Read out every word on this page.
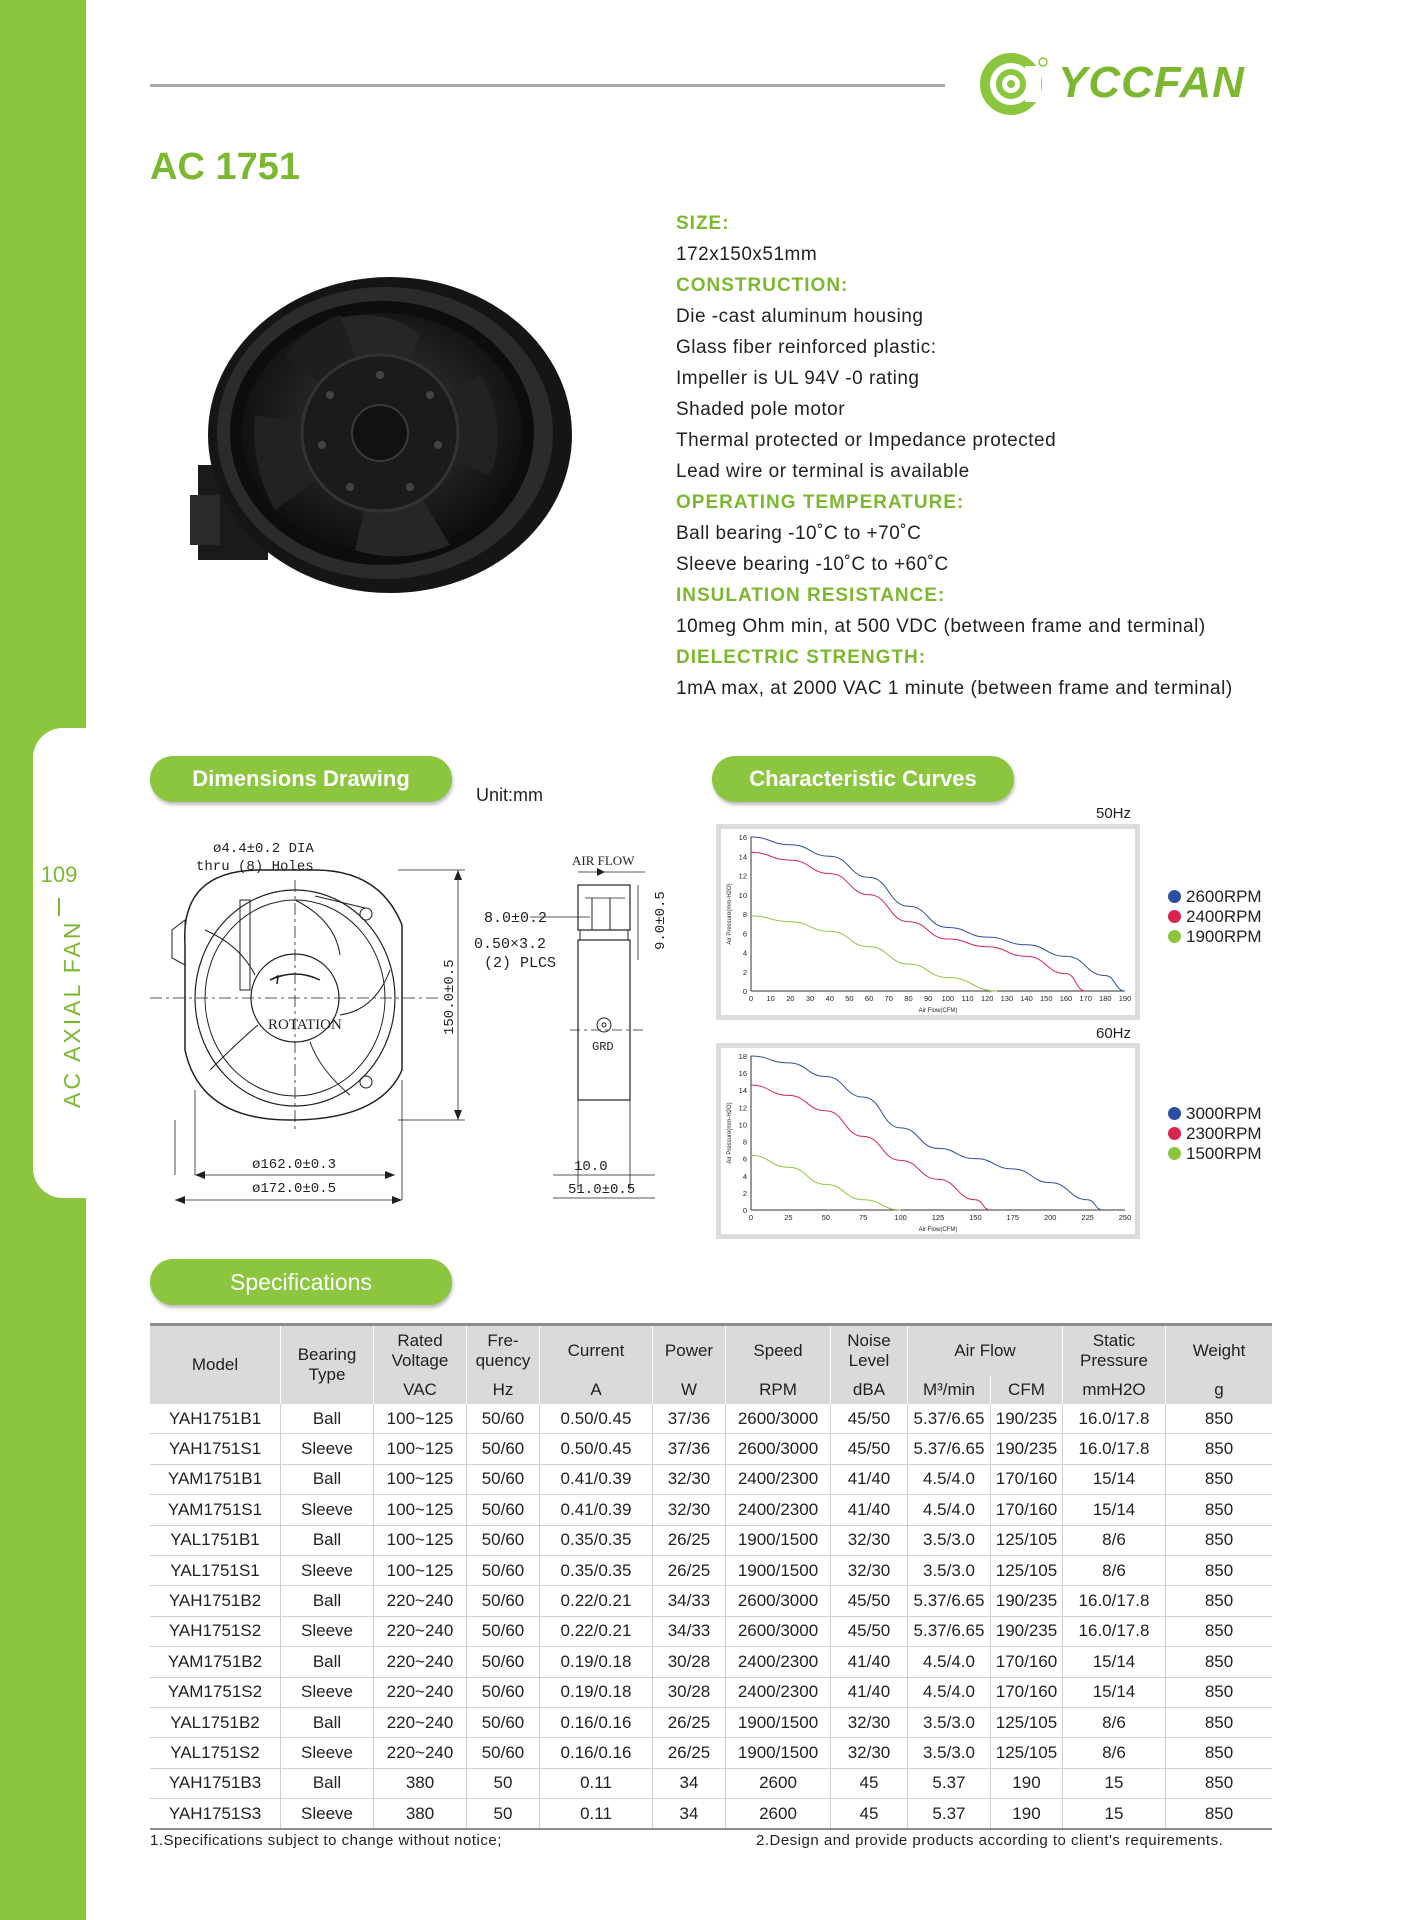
109
AC AXIAL FAN
YCCFAN
AC 1751
SIZE:
172x150x51mm
CONSTRUCTION:
Die -cast aluminum housing
Glass fiber reinforced plastic:
Impeller is UL 94V -0 rating
Shaded pole motor
Thermal protected or Impedance protected
Lead wire or terminal is available
OPERATING TEMPERATURE:
Ball bearing -10˚C to +70˚C
Sleeve bearing -10˚C to +60˚C
INSULATION RESISTANCE:
10meg Ohm min, at 500 VDC (between frame and terminal)
DIELECTRIC STRENGTH:
1mA max, at 2000 VAC 1 minute (between frame and terminal)
Dimensions Drawing	Characteristic Curves
Unit:mm
ø4.4±0.2 DIA
thru (8) Holes
ROTATION	150.0±0.5
ø162.0±0.3
ø172.0±0.5
AIR FLOW
8.0±0.2
0.50×3.2
(2) PLCS
9.0±0.5
GRD
10.0
51.0±0.5
50Hz
0 10 20 30 40 50 60 70 80 90 100 110 120 130 140 150 160 170 180 190
0
2
4
6
8
10
12
14
16
Air Flow(CFM)
Air Pressure(mm-H2O)	2600RPM
2400RPM
1900RPM
60Hz
0	25	50	75	100	125	150	175	200	225	250
0
2
4
6
8
10
12
14
16
18
Air Flow(CFM)
Air Pressure(mm-H2O)	3000RPM
2300RPM
1500RPM
Specifications
Model	Bearing Type	Rated Voltage	Fre-quency	Current	Power	Speed	Noise Level	Air Flow		Static Pressure	Weight
		VAC	Hz	A	W	RPM	dBA	M³/min	CFM	mmH2O	g
YAH1751B1	Ball	100~125	50/60	0.50/0.45	37/36	2600/3000	45/50	5.37/6.65	190/235	16.0/17.8	850
YAH1751S1	Sleeve	100~125	50/60	0.50/0.45	37/36	2600/3000	45/50	5.37/6.65	190/235	16.0/17.8	850
YAM1751B1	Ball	100~125	50/60	0.41/0.39	32/30	2400/2300	41/40	4.5/4.0	170/160	15/14	850
YAM1751S1	Sleeve	100~125	50/60	0.41/0.39	32/30	2400/2300	41/40	4.5/4.0	170/160	15/14	850
YAL1751B1	Ball	100~125	50/60	0.35/0.35	26/25	1900/1500	32/30	3.5/3.0	125/105	8/6	850
YAL1751S1	Sleeve	100~125	50/60	0.35/0.35	26/25	1900/1500	32/30	3.5/3.0	125/105	8/6	850
YAH1751B2	Ball	220~240	50/60	0.22/0.21	34/33	2600/3000	45/50	5.37/6.65	190/235	16.0/17.8	850
YAH1751S2	Sleeve	220~240	50/60	0.22/0.21	34/33	2600/3000	45/50	5.37/6.65	190/235	16.0/17.8	850
YAM1751B2	Ball	220~240	50/60	0.19/0.18	30/28	2400/2300	41/40	4.5/4.0	170/160	15/14	850
YAM1751S2	Sleeve	220~240	50/60	0.19/0.18	30/28	2400/2300	41/40	4.5/4.0	170/160	15/14	850
YAL1751B2	Ball	220~240	50/60	0.16/0.16	26/25	1900/1500	32/30	3.5/3.0	125/105	8/6	850
YAL1751S2	Sleeve	220~240	50/60	0.16/0.16	26/25	1900/1500	32/30	3.5/3.0	125/105	8/6	850
YAH1751B3	Ball	380	50	0.11	34	2600	45	5.37	190	15	850
YAH1751S3	Sleeve	380	50	0.11	34	2600	45	5.37	190	15	850
1.Specifications subject to change without notice;	2.Design and provide products according to client's requirements.
